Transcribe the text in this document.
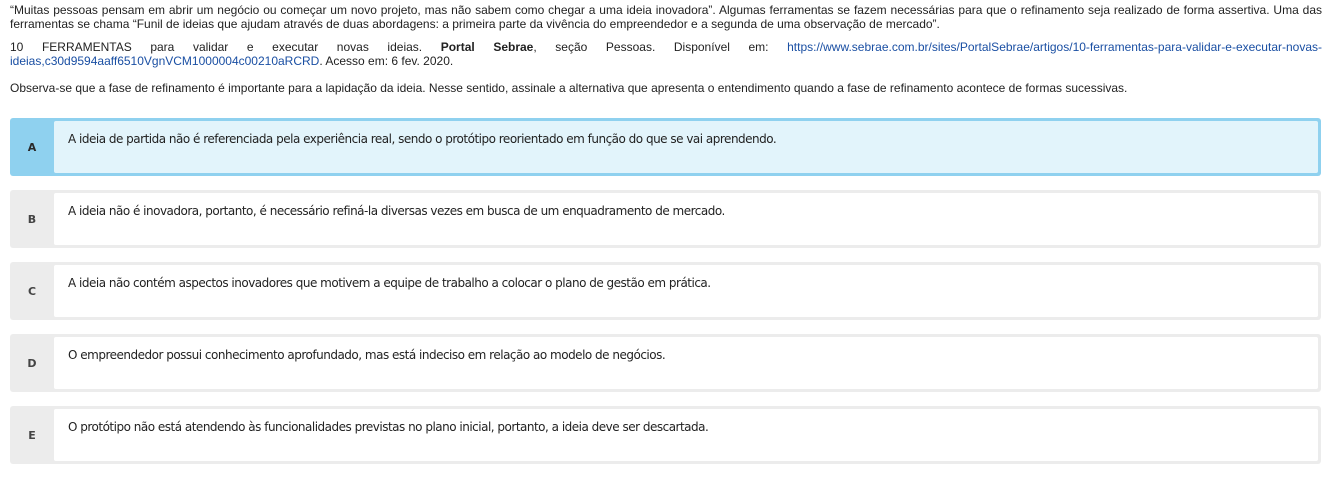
“Muitas pessoas pensam em abrir um negócio ou começar um novo projeto, mas não sabem como chegar a uma ideia inovadora”. Algumas ferramentas se fazem necessárias para que o refinamento seja realizado de forma assertiva. Uma das ferramentas se chama “Funil de ideias que ajudam através de duas abordagens: a primeira parte da vivência do empreendedor e a segunda de uma observação de mercado”.

10 FERRAMENTAS para validar e executar novas ideias. Portal Sebrae, seção Pessoas. Disponível em: https://www.sebrae.com.br/sites/PortalSebrae/artigos/10-ferramentas-para-validar-e-executar-novas-ideias,c30d9594aaff6510VgnVCM1000004c00210aRCRD. Acesso em: 6 fev. 2020.

Observa-se que a fase de refinamento é importante para a lapidação da ideia. Nesse sentido, assinale a alternativa que apresenta o entendimento quando a fase de refinamento acontece de formas sucessivas.

A
A ideia de partida não é referenciada pela experiência real, sendo o protótipo reorientado em função do que se vai aprendendo.
B
A ideia não é inovadora, portanto, é necessário refiná-la diversas vezes em busca de um enquadramento de mercado.
C
A ideia não contém aspectos inovadores que motivem a equipe de trabalho a colocar o plano de gestão em prática.
D
O empreendedor possui conhecimento aprofundado, mas está indeciso em relação ao modelo de negócios.
E
O protótipo não está atendendo às funcionalidades previstas no plano inicial, portanto, a ideia deve ser descartada.
